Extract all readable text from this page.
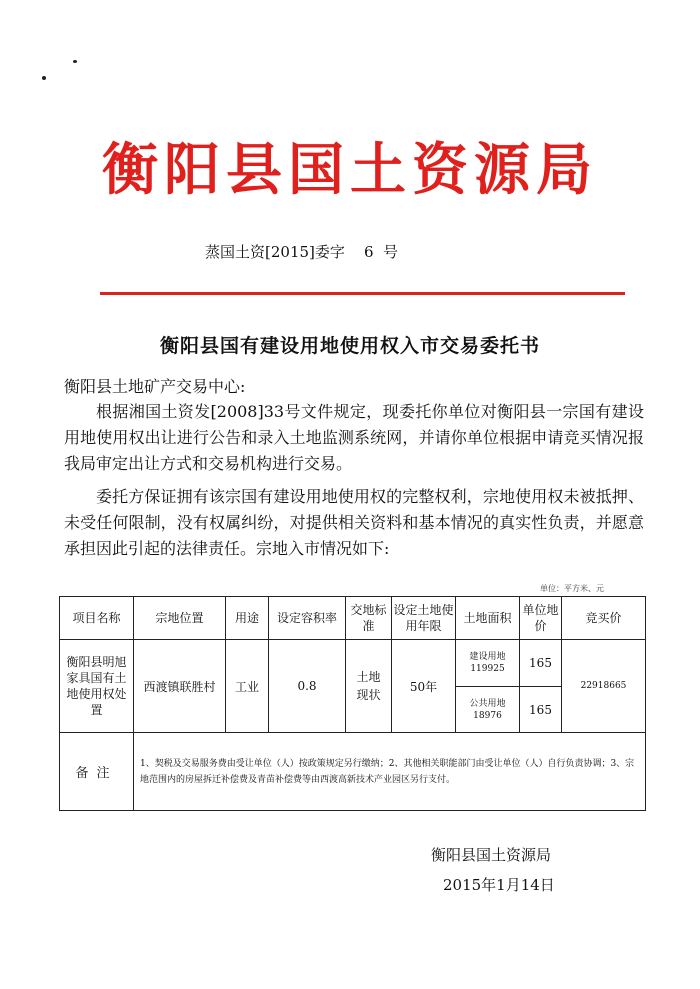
衡阳县国土资源局
蒸国土资[2015]委字    6  号
衡阳县国有建设用地使用权入市交易委托书
衡阳县土地矿产交易中心:

根据湘国土资发[2008]33号文件规定，现委托你单位对衡阳县一宗国有建设用地使用权出让进行公告和录入土地监测系统网，并请你单位根据申请竞买情况报我局审定出让方式和交易机构进行交易。

委托方保证拥有该宗国有建设用地使用权的完整权利，宗地使用权未被抵押、未受任何限制，没有权属纠纷，对提供相关资料和基本情况的真实性负责，并愿意承担因此引起的法律责任。宗地入市情况如下:

单位：平方米、元
项目名称	宗地位置	用途	设定容积率	交地标准	设定土地使用年限	土地面积	单位地价	竞买价
衡阳县明旭家具国有土地使用权处置	西渡镇联胜村	工业	0.8	土地现状	50年	建设用地119925	165	22918665
						公共用地18976	165	
备注	1、契税及交易服务费由受让单位（人）按政策规定另行缴纳；2、其他相关职能部门由受让单位（人）自行负责协调；3、宗地范围内的房屋拆迁补偿费及青苗补偿费等由西渡高新技术产业园区另行支付。							
衡阳县国土资源局
2015年1月14日
